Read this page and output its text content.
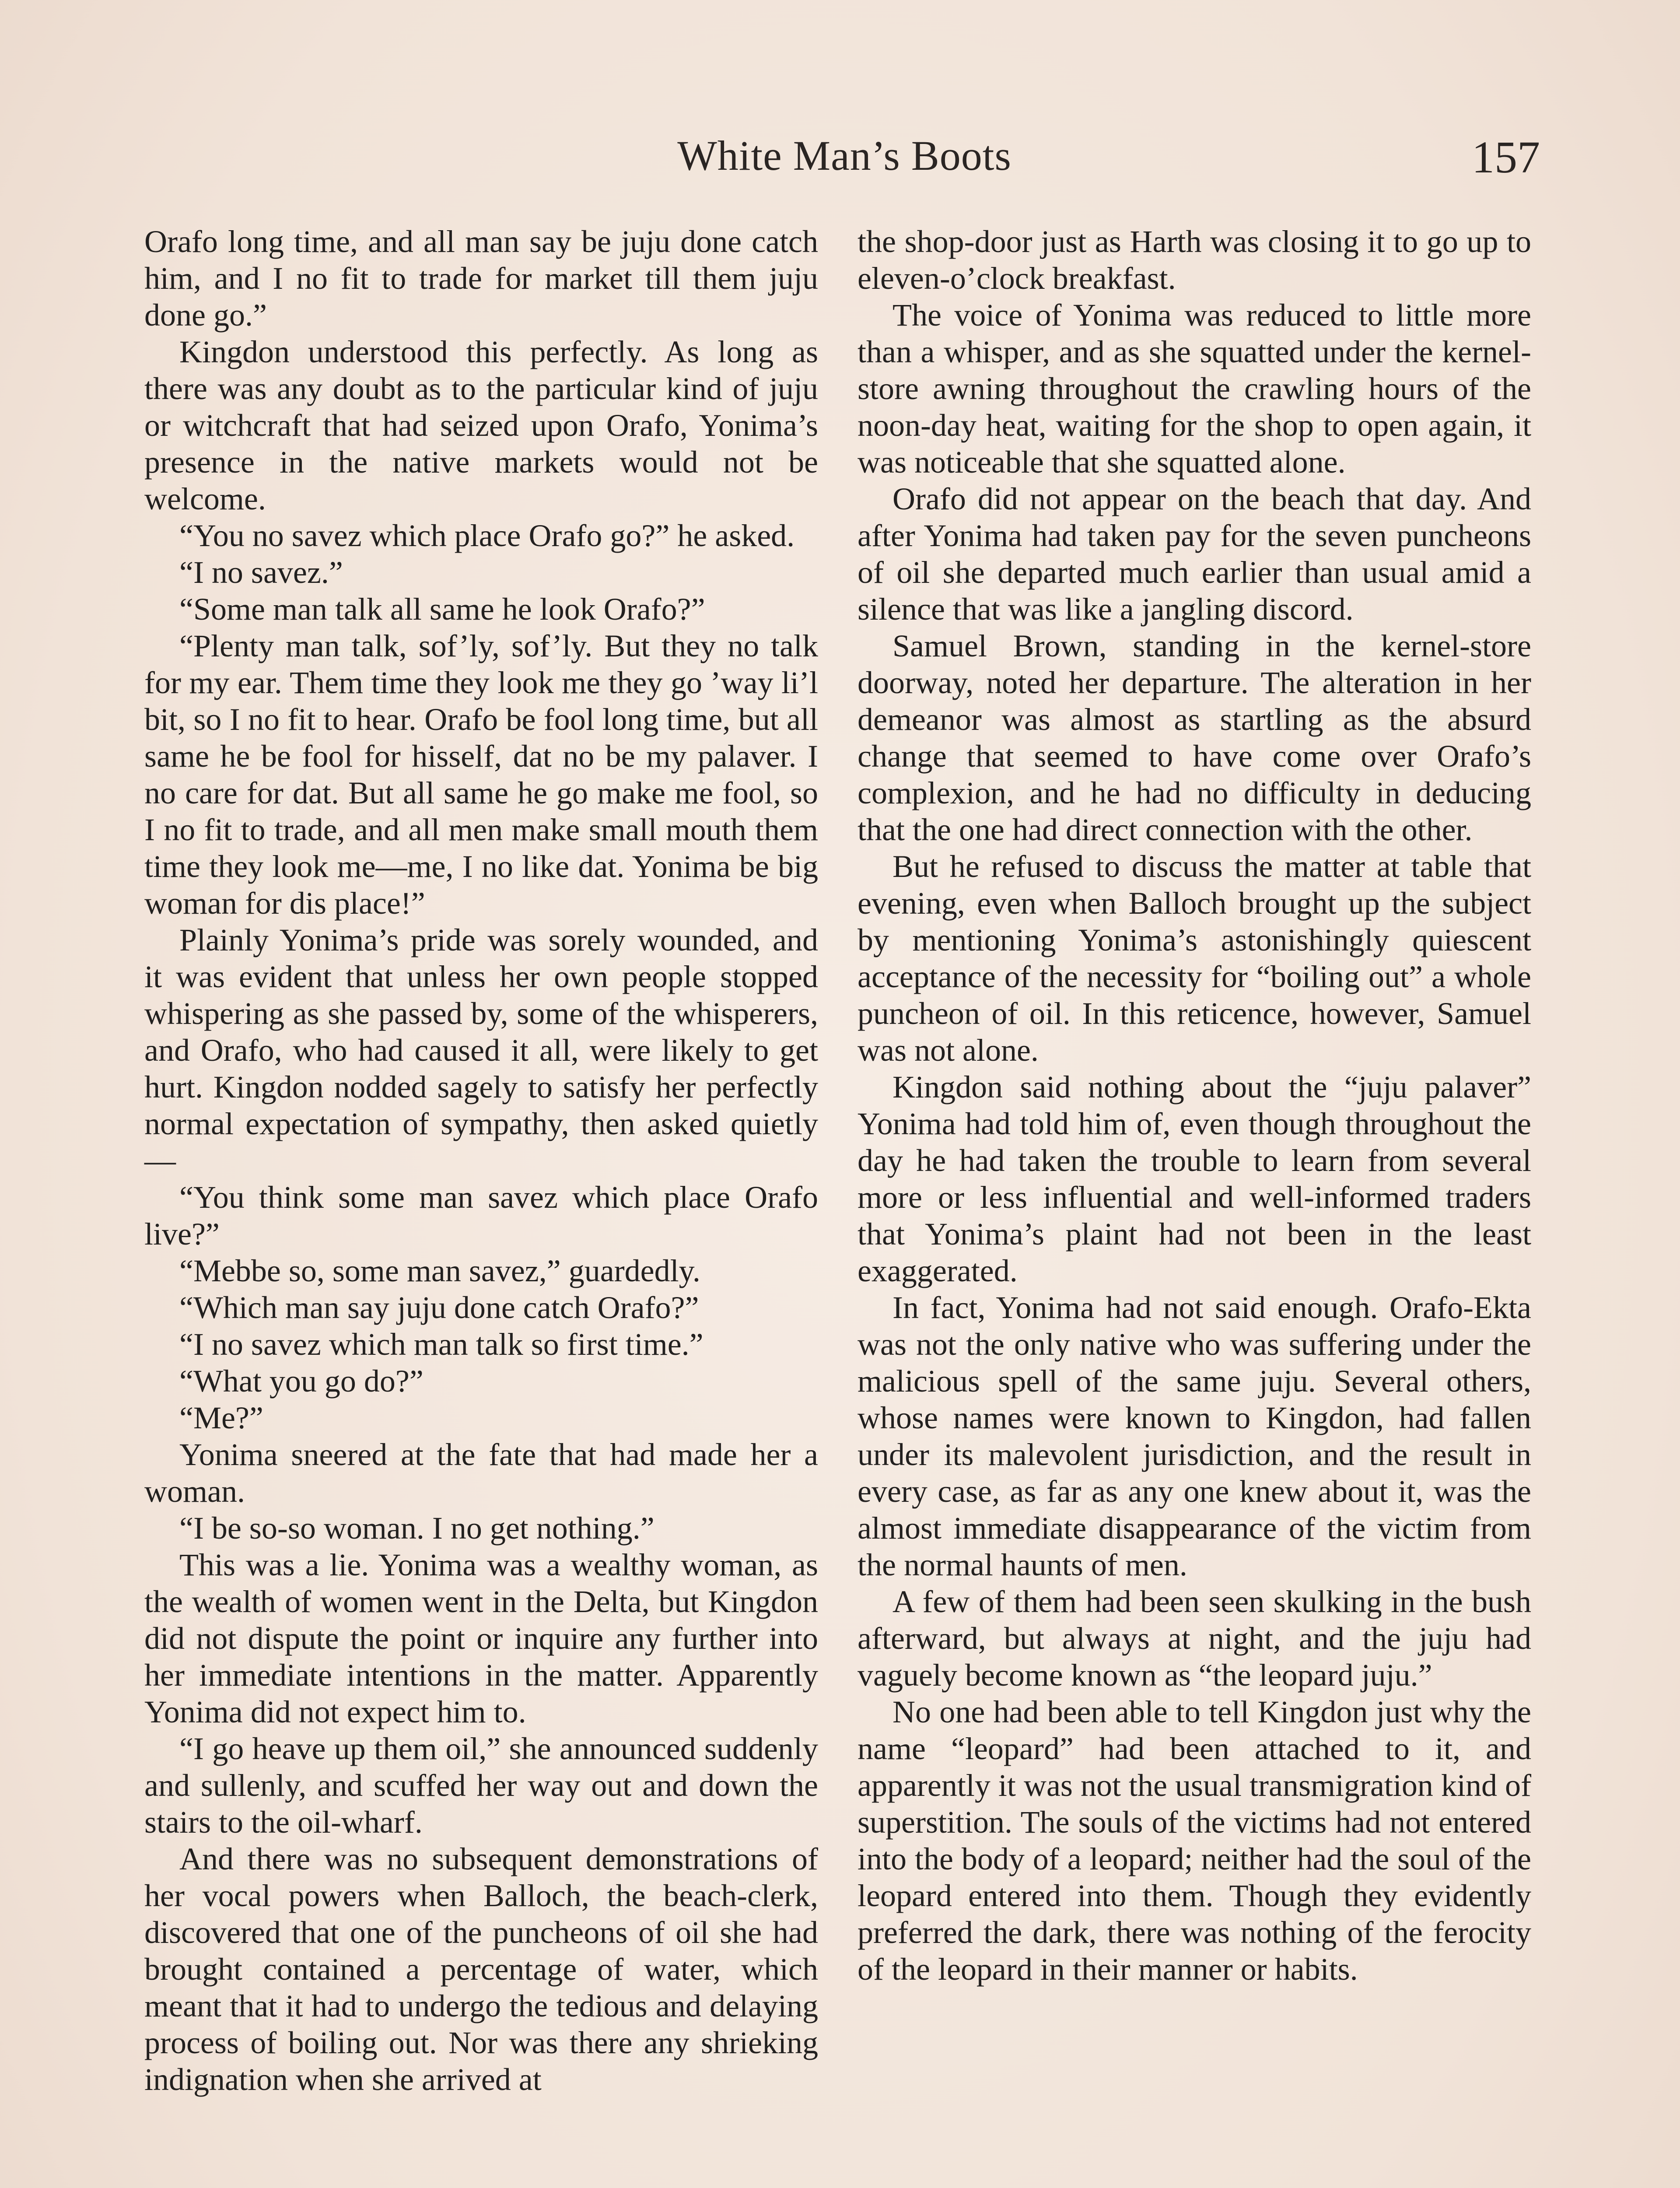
White Man’s Boots	157

Orafo long time, and all man say be juju done catch him, and I no fit to trade for market till them juju done go.”

Kingdon understood this perfectly. As long as there was any doubt as to the particular kind of juju or witchcraft that had seized upon Orafo, Yonima’s presence in the native markets would not be welcome.

“You no savez which place Orafo go?” he asked.

“I no savez.”

“Some man talk all same he look Orafo?”

“Plenty man talk, sof’ly, sof’ly. But they no talk for my ear. Them time they look me they go ’way li’l bit, so I no fit to hear. Orafo be fool long time, but all same he be fool for hisself, dat no be my palaver. I no care for dat. But all same he go make me fool, so I no fit to trade, and all men make small mouth them time they look me—me, I no like dat. Yonima be big woman for dis place!”

Plainly Yonima’s pride was sorely wounded, and it was evident that unless her own people stopped whispering as she passed by, some of the whisperers, and Orafo, who had caused it all, were likely to get hurt. Kingdon nodded sagely to satisfy her perfectly normal expectation of sympathy, then asked quietly—

“You think some man savez which place Orafo live?”

“Mebbe so, some man savez,” guardedly.

“Which man say juju done catch Orafo?”

“I no savez which man talk so first time.”

“What you go do?”

“Me?”

Yonima sneered at the fate that had made her a woman.

“I be so-so woman. I no get nothing.”

This was a lie. Yonima was a wealthy woman, as the wealth of women went in the Delta, but Kingdon did not dispute the point or inquire any further into her immediate intentions in the matter. Apparently Yonima did not expect him to.

“I go heave up them oil,” she announced suddenly and sullenly, and scuffed her way out and down the stairs to the oil-wharf.

And there was no subsequent demonstrations of her vocal powers when Balloch, the beach-clerk, discovered that one of the puncheons of oil she had brought contained a percentage of water, which meant that it had to undergo the tedious and delaying process of boiling out. Nor was there any shrieking indignation when she arrived at

the shop-door just as Harth was closing it to go up to eleven-o’clock breakfast.

The voice of Yonima was reduced to little more than a whisper, and as she squatted under the kernel-store awning throughout the crawling hours of the noon-day heat, waiting for the shop to open again, it was noticeable that she squatted alone.

Orafo did not appear on the beach that day. And after Yonima had taken pay for the seven puncheons of oil she departed much earlier than usual amid a silence that was like a jangling discord.

Samuel Brown, standing in the kernel-store doorway, noted her departure. The alteration in her demeanor was almost as startling as the absurd change that seemed to have come over Orafo’s complexion, and he had no difficulty in deducing that the one had direct connection with the other.

But he refused to discuss the matter at table that evening, even when Balloch brought up the subject by mentioning Yonima’s astonishingly quiescent acceptance of the necessity for “boiling out” a whole puncheon of oil. In this reticence, however, Samuel was not alone.

Kingdon said nothing about the “juju palaver” Yonima had told him of, even though throughout the day he had taken the trouble to learn from several more or less influential and well-informed traders that Yonima’s plaint had not been in the least exaggerated.

In fact, Yonima had not said enough. Orafo-Ekta was not the only native who was suffering under the malicious spell of the same juju. Several others, whose names were known to Kingdon, had fallen under its malevolent jurisdiction, and the result in every case, as far as any one knew about it, was the almost immediate disappearance of the victim from the normal haunts of men.

A few of them had been seen skulking in the bush afterward, but always at night, and the juju had vaguely become known as “the leopard juju.”

No one had been able to tell Kingdon just why the name “leopard” had been attached to it, and apparently it was not the usual transmigration kind of superstition. The souls of the victims had not entered into the body of a leopard; neither had the soul of the leopard entered into them. Though they evidently preferred the dark, there was nothing of the ferocity of the leopard in their manner or habits.
